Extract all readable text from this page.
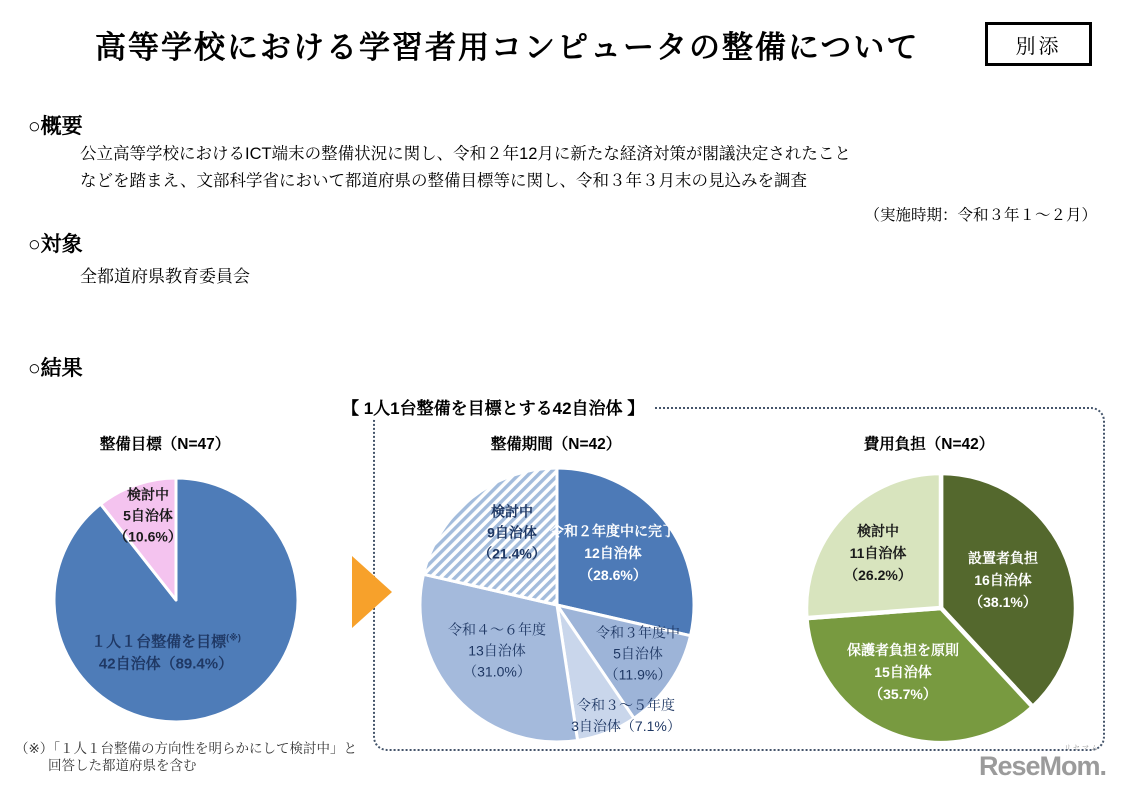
高等学校における学習者用コンピュータの整備について	別添
○概要
公立高等学校におけるICT端末の整備状況に関し、令和２年12月に新たな経済対策が閣議決定されたこと
などを踏まえ、文部科学省において都道府県の整備目標等に関し、令和３年３月末の見込みを調査
（実施時期：令和３年１～２月）
○対象
全都道府県教育委員会
○結果
【 1人1台整備を目標とする42自治体 】
整備目標（N=47）	整備期間（N=42）	費用負担（N=42）
検討中
5自治体
（10.6%）
１人１台整備を目標(※)
42自治体（89.4%）
検討中
9自治体
（21.4%）
令和２年度中に完了
12自治体
（28.6%）
令和４～６年度
13自治体
（31.0%）
令和３年度中
5自治体
（11.9%）
令和３～５年度
3自治体（7.1%）
検討中
11自治体
（26.2%）
設置者負担
16自治体
（38.1%）
保護者負担を原則
15自治体
（35.7%）
（※）「１人１台整備の方向性を明らかにして検討中」と
回答した都道府県を含む
リセマム
ReseMom.
